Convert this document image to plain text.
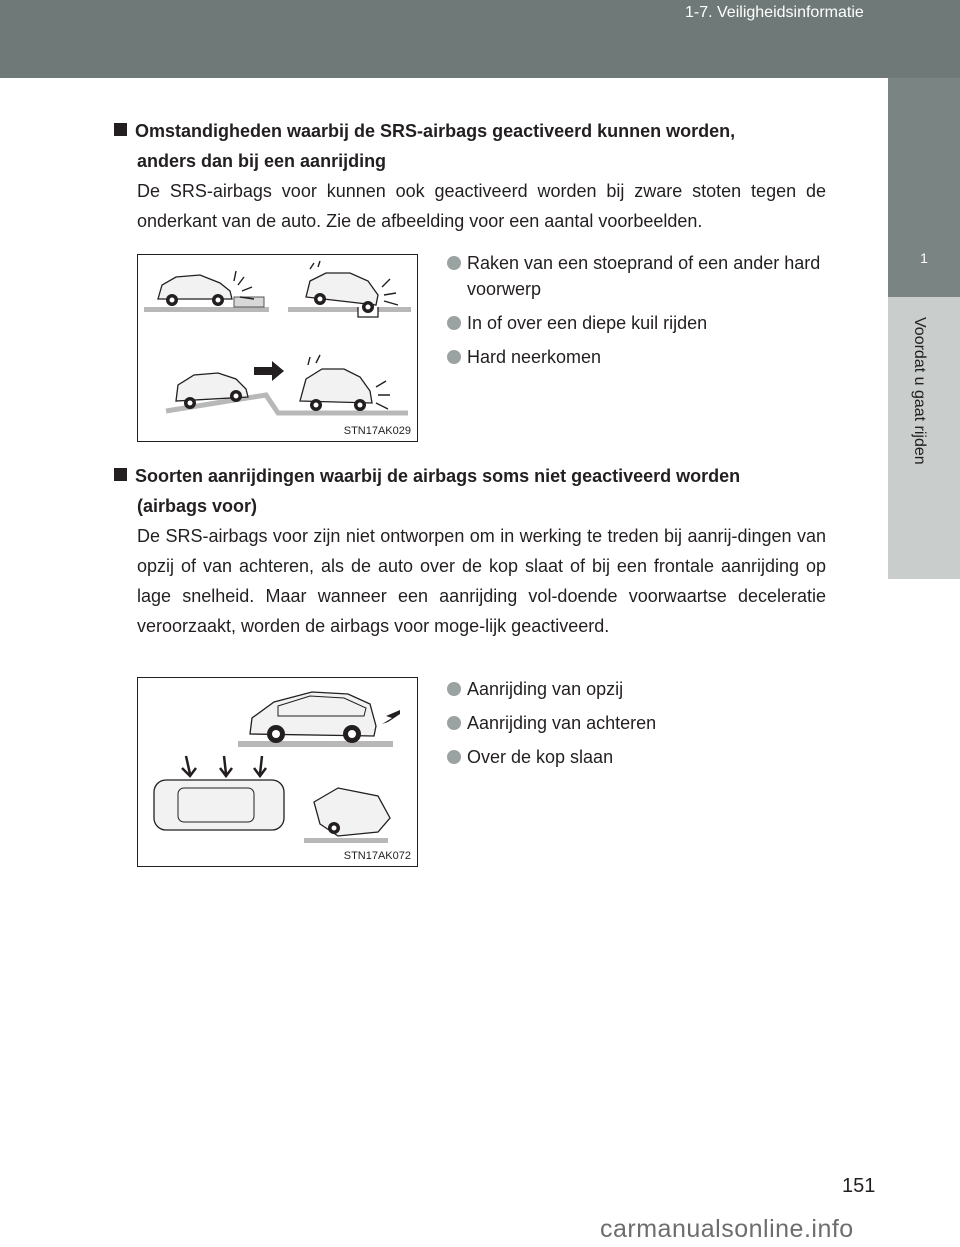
1-7. Veiligheidsinformatie
1
Voordat u gaat rijden
Omstandigheden waarbij de SRS-airbags geactiveerd kunnen worden,
anders dan bij een aanrijding
De SRS-airbags voor kunnen ook geactiveerd worden bij zware stoten tegen de onderkant van de auto. Zie de afbeelding voor een aantal voorbeelden.
STN17AK029
Raken van een stoeprand of een ander hard voorwerp
In of over een diepe kuil rijden
Hard neerkomen
Soorten aanrijdingen waarbij de airbags soms niet geactiveerd worden
(airbags voor)
De SRS-airbags voor zijn niet ontworpen om in werking te treden bij aanrij-dingen van opzij of van achteren, als de auto over de kop slaat of bij een frontale aanrijding op lage snelheid. Maar wanneer een aanrijding vol-doende voorwaartse deceleratie veroorzaakt, worden de airbags voor moge-lijk geactiveerd.
STN17AK072
Aanrijding van opzij
Aanrijding van achteren
Over de kop slaan
151
carmanualsonline.info
